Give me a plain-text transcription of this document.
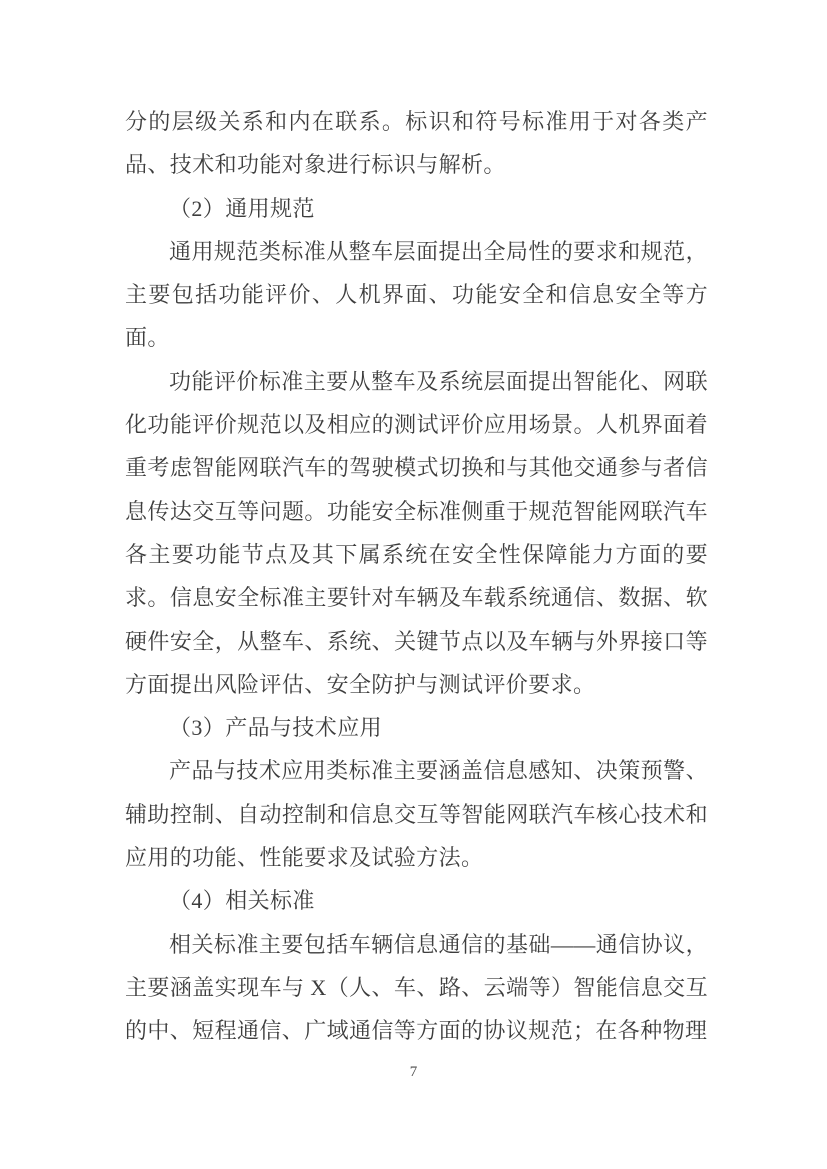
分的层级关系和内在联系。标识和符号标准用于对各类产品、技术和功能对象进行标识与解析。

（2）通用规范

通用规范类标准从整车层面提出全局性的要求和规范，主要包括功能评价、人机界面、功能安全和信息安全等方面。

功能评价标准主要从整车及系统层面提出智能化、网联化功能评价规范以及相应的测试评价应用场景。人机界面着重考虑智能网联汽车的驾驶模式切换和与其他交通参与者信息传达交互等问题。功能安全标准侧重于规范智能网联汽车各主要功能节点及其下属系统在安全性保障能力方面的要求。信息安全标准主要针对车辆及车载系统通信、数据、软硬件安全，从整车、系统、关键节点以及车辆与外界接口等方面提出风险评估、安全防护与测试评价要求。

（3）产品与技术应用

产品与技术应用类标准主要涵盖信息感知、决策预警、辅助控制、自动控制和信息交互等智能网联汽车核心技术和应用的功能、性能要求及试验方法。

（4）相关标准

相关标准主要包括车辆信息通信的基础——通信协议，主要涵盖实现车与 X（人、车、路、云端等）智能信息交互的中、短程通信、广域通信等方面的协议规范；在各种物理

7
